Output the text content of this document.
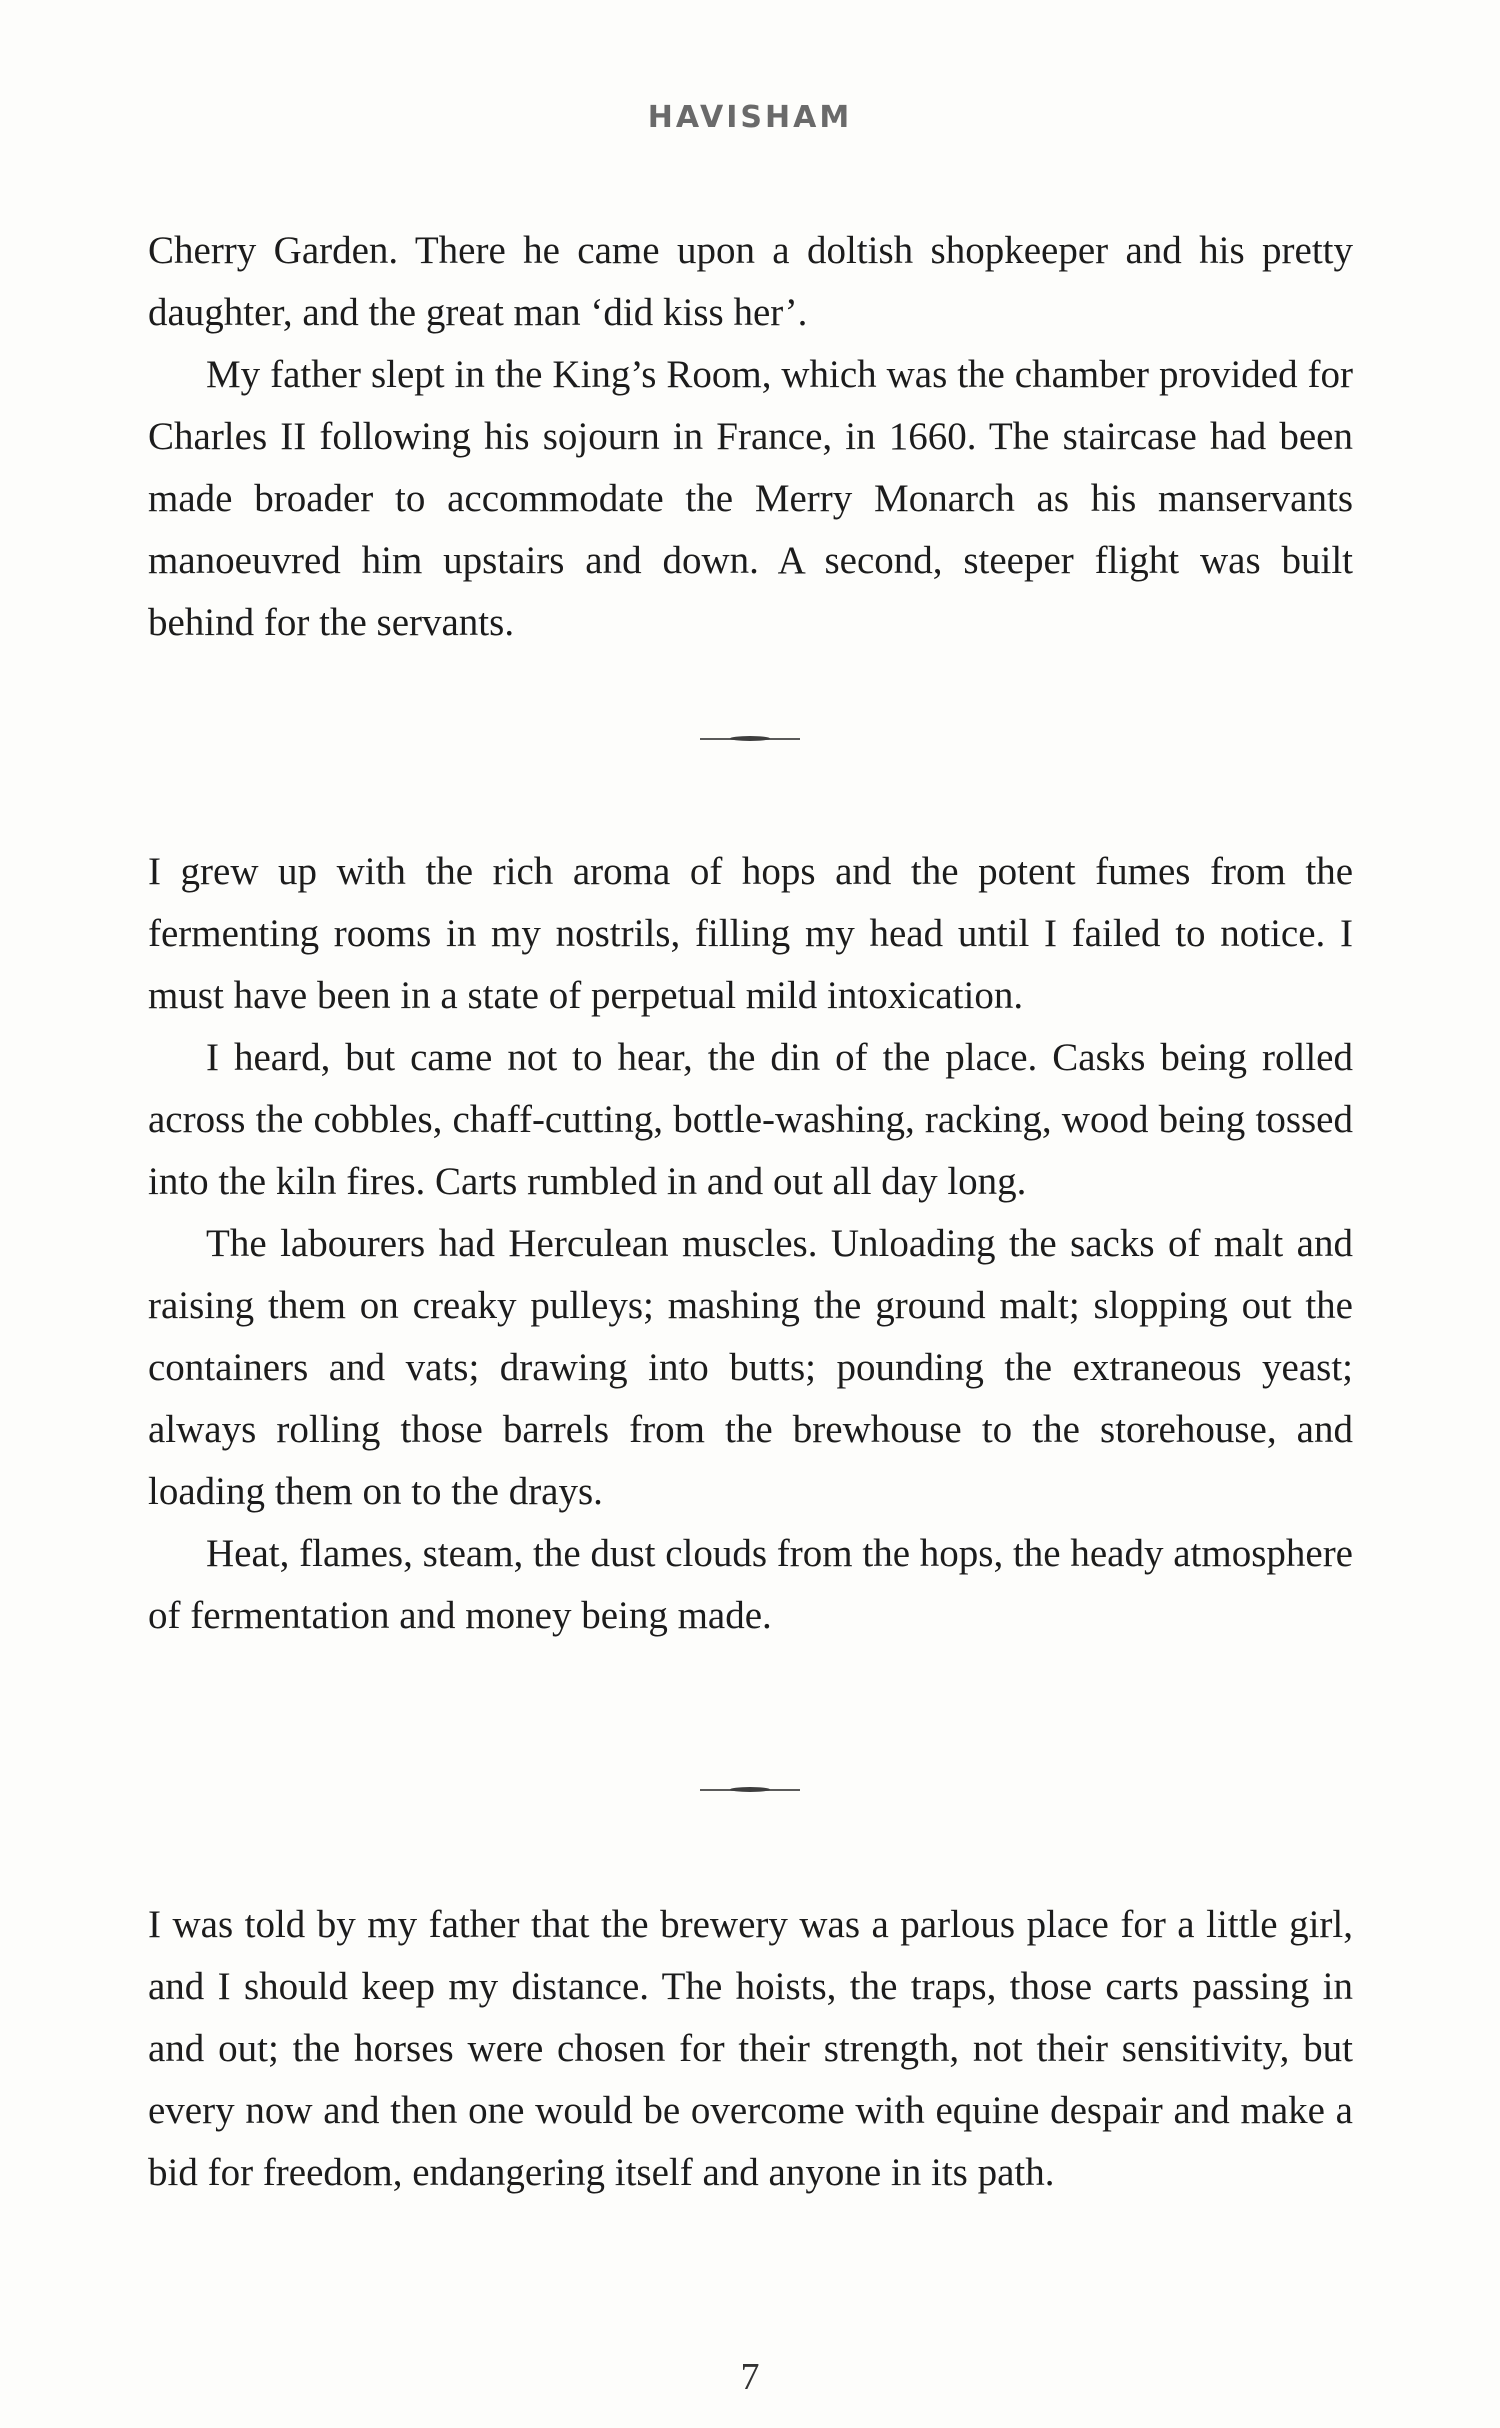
HAVISHAM

Cherry Garden. There he came upon a doltish shopkeeper and his pretty daughter, and the great man ‘did kiss her’.

My father slept in the King’s Room, which was the chamber provided for Charles II following his sojourn in France, in 1660. The staircase had been made broader to accommodate the Merry Monarch as his manservants manoeuvred him upstairs and down. A second, steeper flight was built behind for the servants.

I grew up with the rich aroma of hops and the potent fumes from the fermenting rooms in my nostrils, filling my head until I failed to notice. I must have been in a state of perpetual mild intoxication.

I heard, but came not to hear, the din of the place. Casks being rolled across the cobbles, chaff-cutting, bottle-washing, racking, wood being tossed into the kiln fires. Carts rumbled in and out all day long.

The labourers had Herculean muscles. Unloading the sacks of malt and raising them on creaky pulleys; mashing the ground malt; slopping out the containers and vats; drawing into butts; pounding the extraneous yeast; always rolling those barrels from the brewhouse to the storehouse, and loading them on to the drays.

Heat, flames, steam, the dust clouds from the hops, the heady atmosphere of fermentation and money being made.

I was told by my father that the brewery was a parlous place for a little girl, and I should keep my distance. The hoists, the traps, those carts passing in and out; the horses were chosen for their strength, not their sensitivity, but every now and then one would be overcome with equine despair and make a bid for freedom, endangering itself and anyone in its path.

7
